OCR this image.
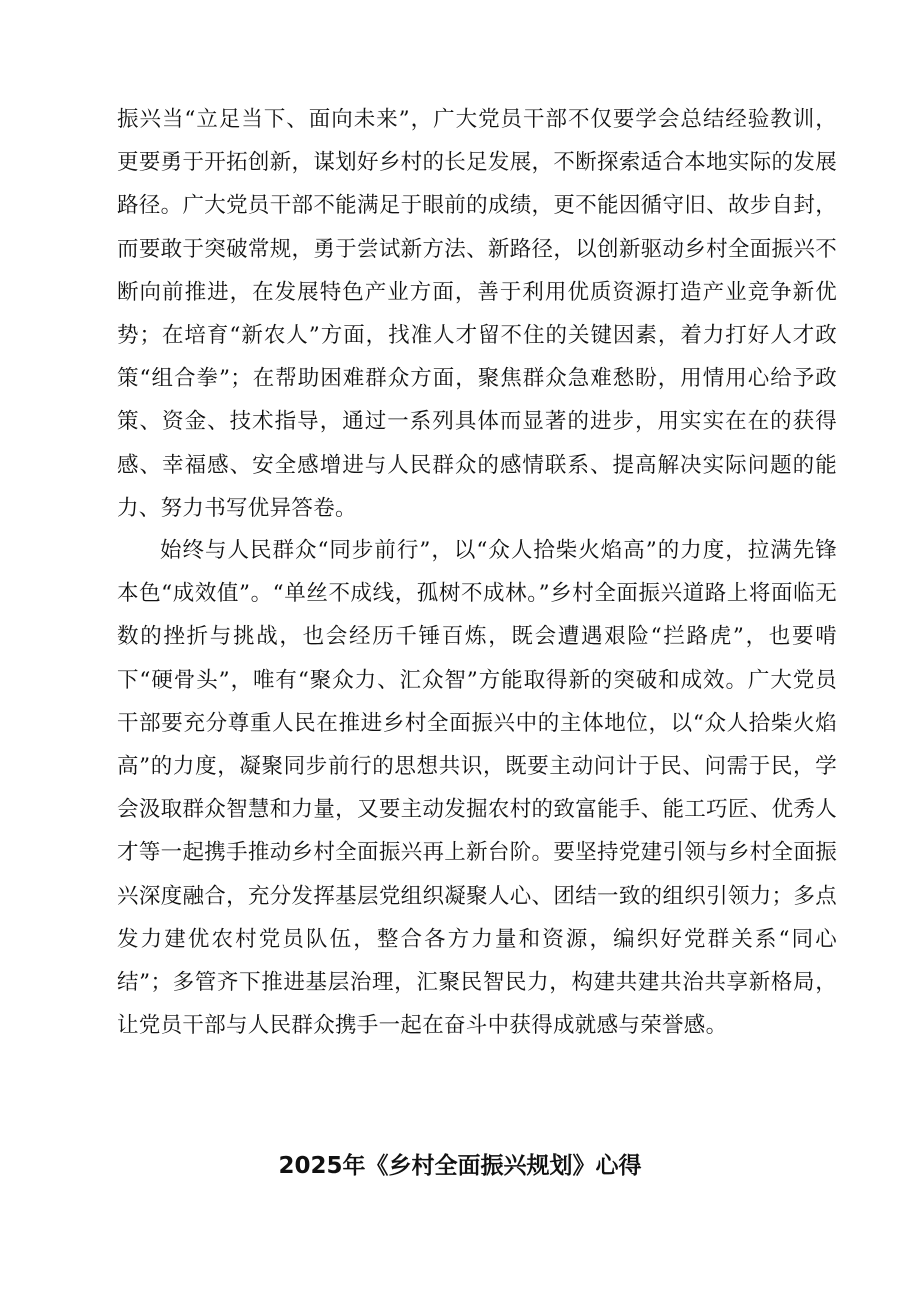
振兴当“立足当下、面向未来”，广大党员干部不仅要学会总结经验教训，更要勇于开拓创新，谋划好乡村的长足发展，不断探索适合本地实际的发展路径。广大党员干部不能满足于眼前的成绩，更不能因循守旧、故步自封，而要敢于突破常规，勇于尝试新方法、新路径，以创新驱动乡村全面振兴不断向前推进，在发展特色产业方面，善于利用优质资源打造产业竞争新优势；在培育“新农人”方面，找准人才留不住的关键因素，着力打好人才政策“组合拳”；在帮助困难群众方面，聚焦群众急难愁盼，用情用心给予政策、资金、技术指导，通过一系列具体而显著的进步，用实实在在的获得感、幸福感、安全感增进与人民群众的感情联系、提高解决实际问题的能力、努力书写优异答卷。

始终与人民群众“同步前行”，以“众人拾柴火焰高”的力度，拉满先锋本色“成效值”。“单丝不成线，孤树不成林。”乡村全面振兴道路上将面临无数的挫折与挑战，也会经历千锤百炼，既会遭遇艰险“拦路虎”，也要啃下“硬骨头”，唯有“聚众力、汇众智”方能取得新的突破和成效。广大党员干部要充分尊重人民在推进乡村全面振兴中的主体地位，以“众人拾柴火焰高”的力度，凝聚同步前行的思想共识，既要主动问计于民、问需于民，学会汲取群众智慧和力量，又要主动发掘农村的致富能手、能工巧匠、优秀人才等一起携手推动乡村全面振兴再上新台阶。要坚持党建引领与乡村全面振兴深度融合，充分发挥基层党组织凝聚人心、团结一致的组织引领力；多点发力建优农村党员队伍，整合各方力量和资源，编织好党群关系“同心结”；多管齐下推进基层治理，汇聚民智民力，构建共建共治共享新格局，让党员干部与人民群众携手一起在奋斗中获得成就感与荣誉感。

2025年《乡村全面振兴规划》心得
